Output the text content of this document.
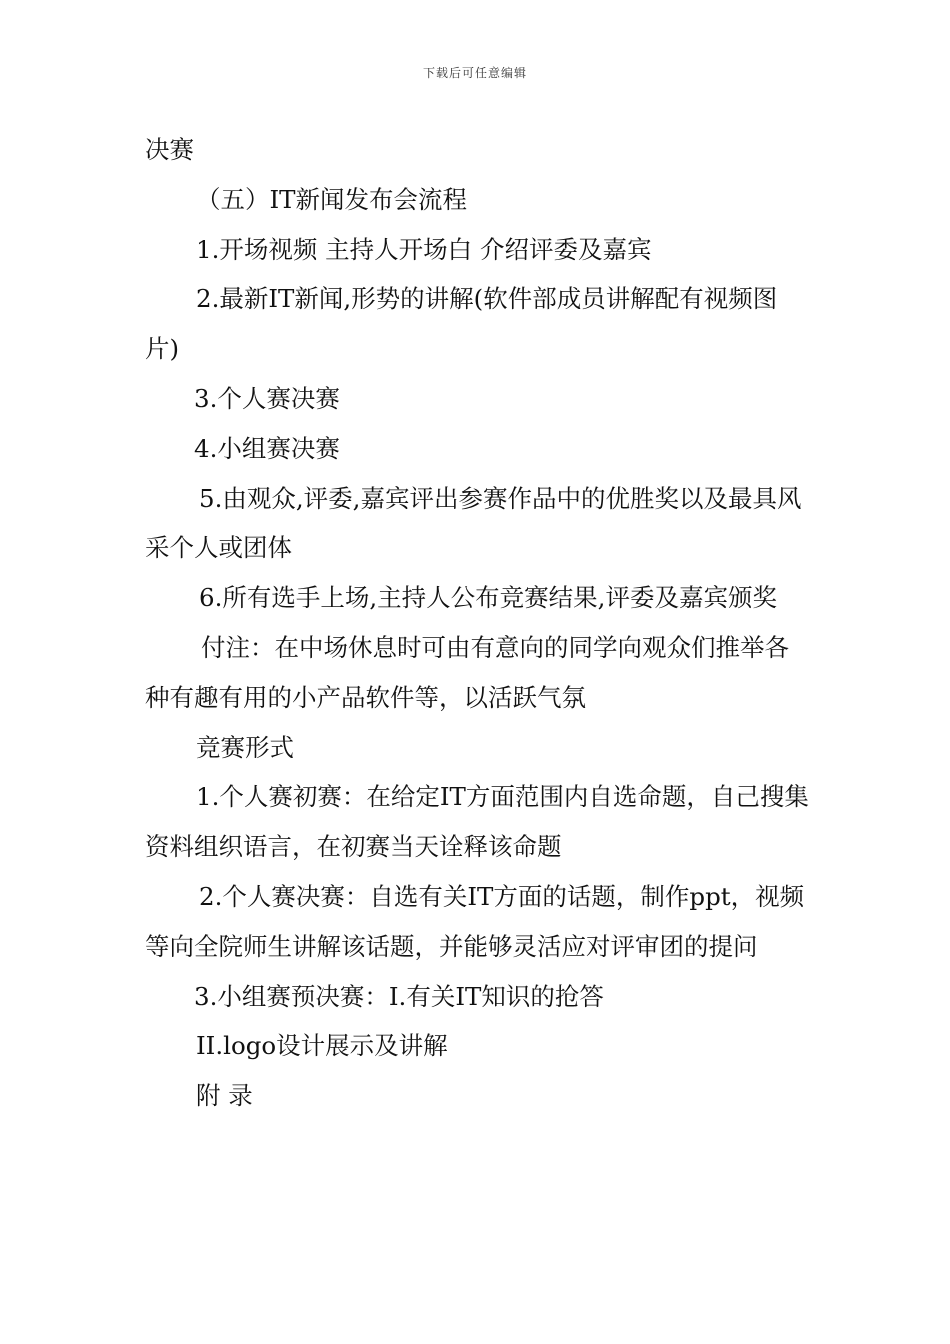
下载后可任意编辑

决赛

（五）IT新闻发布会流程

1.开场视频 主持人开场白 介绍评委及嘉宾

2.最新IT新闻,形势的讲解(软件部成员讲解配有视频图片)

3.个人赛决赛

4.小组赛决赛

5.由观众,评委,嘉宾评出参赛作品中的优胜奖以及最具风采个人或团体

6.所有选手上场,主持人公布竞赛结果,评委及嘉宾颁奖

付注：在中场休息时可由有意向的同学向观众们推举各种有趣有用的小产品软件等，以活跃气氛

竞赛形式

1.个人赛初赛：在给定IT方面范围内自选命题，自己搜集资料组织语言，在初赛当天诠释该命题

2.个人赛决赛：自选有关IT方面的话题，制作ppt，视频等向全院师生讲解该话题，并能够灵活应对评审团的提问

3.小组赛预决赛：I.有关IT知识的抢答

II.logo设计展示及讲解

附 录
